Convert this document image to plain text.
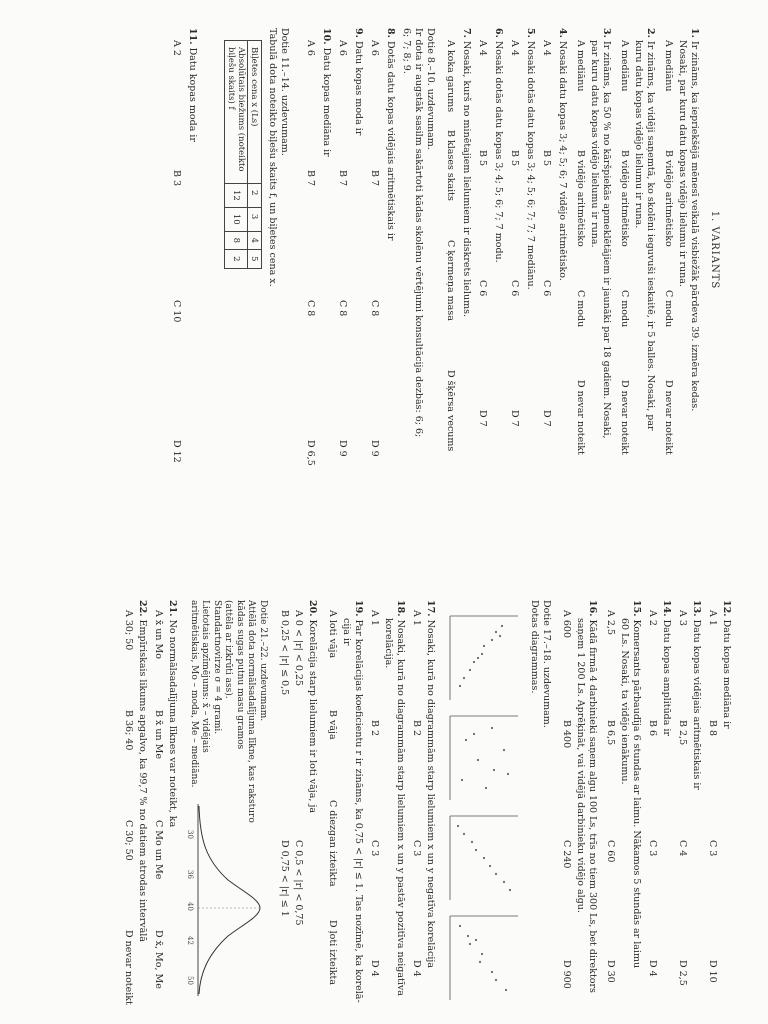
1. VARIANTS
1. Ir zināms, ka iepriekšējā mēnesī veikalā visbiežāk pārdeva 39. izmēra kedas.
Nosaki, par kuru datu kopas vidējo lielumu ir runa.
A mediānu
B vidējo aritmētisko
C modu
D nevar noteikt
2. Ir zināms, ka vidēji saņemtā, ko skolēni ieguvuši ieskaitē, ir 5 balles. Nosaki, par
kuru datu kopas vidējo lielumu ir runa.
A mediānu
B vidējo aritmētisko
C modu
D nevar noteikt
3. Ir zināms, ka 50 % no kāršpiekās apmeklētājiem ir jaunāki par 18 gadiem. Nosaki,
par kuru datu kopas vidējo lielumu ir runa.
A mediānu
B vidējo aritmētisko
C modu
D nevar noteikt
4. Nosaki datu kopas 3; 4; 5; 6; 7 vidējo aritmētisko.
A 4
B 5
C 6
D 7
5. Nosaki dotās datu kopas 3; 4; 5; 6; 7; 7; 7 mediānu.
A 4
B 5
C 6
D 7
6. Nosaki dotās datu kopas 3; 4; 5; 6; 7; 7 modu.
A 4
B 5
C 6
D 7
7. Nosaki, kurš no minētajiem lielumiem ir diskrets lielums.
A koka garums
B klases skaits
C ķermeņa masa
D šķērsa vecums
Dotie 8.–10. uzdevumam.
Ir dota ir augstāk sasilm sakārtoti kādas skolēnu vērtējumi konsultācija dezbās: 6; 6;
6; 7; 8; 9.
8. Dotās datu kopas vidējais aritmētiskais ir
A 6
B 7
C 8
D 9
9. Datu kopas moda ir
A 6
B 7
C 8
D 9
10. Datu kopas mediāna ir
A 6
B 7
C 8
D 6,5
Dotie 11.–14. uzdevumam.
Tabulā dota noteikto biļešu skaits f, un biļetes cena x.
Biļetes cena x (Ls)	2	3	4	5
Absolūtais biežums (noteikto biļešu skaits) f	12	10	8	2
11. Datu kopas moda ir
A 2
B 3
C 10
D 12
12. Datu kopas mediāna ir
A 1
B 8
C 3
D 10
13. Datu kopas vidējais aritmētiskais ir
A 3
B 2,5
C 4
D 2,5
14. Datu kopas amplitūda ir
A 2
B 6
C 3
D 4
15. Komersants pārbaudīja 6 stundas ar laimu. Nākamos 5 stundās ar laimu
60 Ls. Nosaki, ta vidējo ienākumu.
A 2,5
B 6,5
C 60
D 30
16. Kādā firmā 4 darbinieki saņem algu 100 Ls, trīs no tiem 300 Ls, bet direktors
saņem 1 200 Ls. Aprēķināt, vai vidējā darbinieku vidējo algu.
A 600
B 400
C 240
D 900
Dotie 17.–18. uzdevumam.
Dotas diagrammas.
17. Nosaki, kurā no diagrammām starp lielumiem x un y negatīva korelācija
A 1
B 2
C 3
D 4
18. Nosaki, kurā no diagrammām starp lielumiem x un y pastāv pozitīva neigatīva
korelācija.
A 1
B 2
C 3
D 4
19. Par korelācijas koeficientu r ir zināms, ka 0,75 < |r| ≤ 1. Tas nozīmē, ka korelā-
cija ir
A loti vāja
B vāja
C diezgan izteikta
D ļoti izteikta
20. Korelācija starp lielumiem ir loti vāja, ja
A 0 < |r| < 0,25
C 0,5 < |r| < 0,75
B 0,25 < |r| ≤ 0,5
D 0,75 < |r| ≤ 1
Dotie 21.–22. uzdevumam.
Attēlā dota normālsadalījuma līkne, kas raksturo
kādas sugas putnu masu gramos
(attēla ar izkrūti ass).
Standartnovirze σ = 4 grami.
Lietotais apzīmējums: x̄ – vidējais
aritmētiskais, Mo – moda, Me – mediāna.
30
36
40
42
50
21. No normālsadalījuma līknes var noteikt, ka
A x̄ un Mo
B x̄ un Me
C Mo un Me
D x̄, Mo, Me
22. Empīriskais likums apgalvo, ka 99,7 % no datiem atrodas intervālā
A 30; 50
B 36; 40
C 30; 50
D nevar noteikt
